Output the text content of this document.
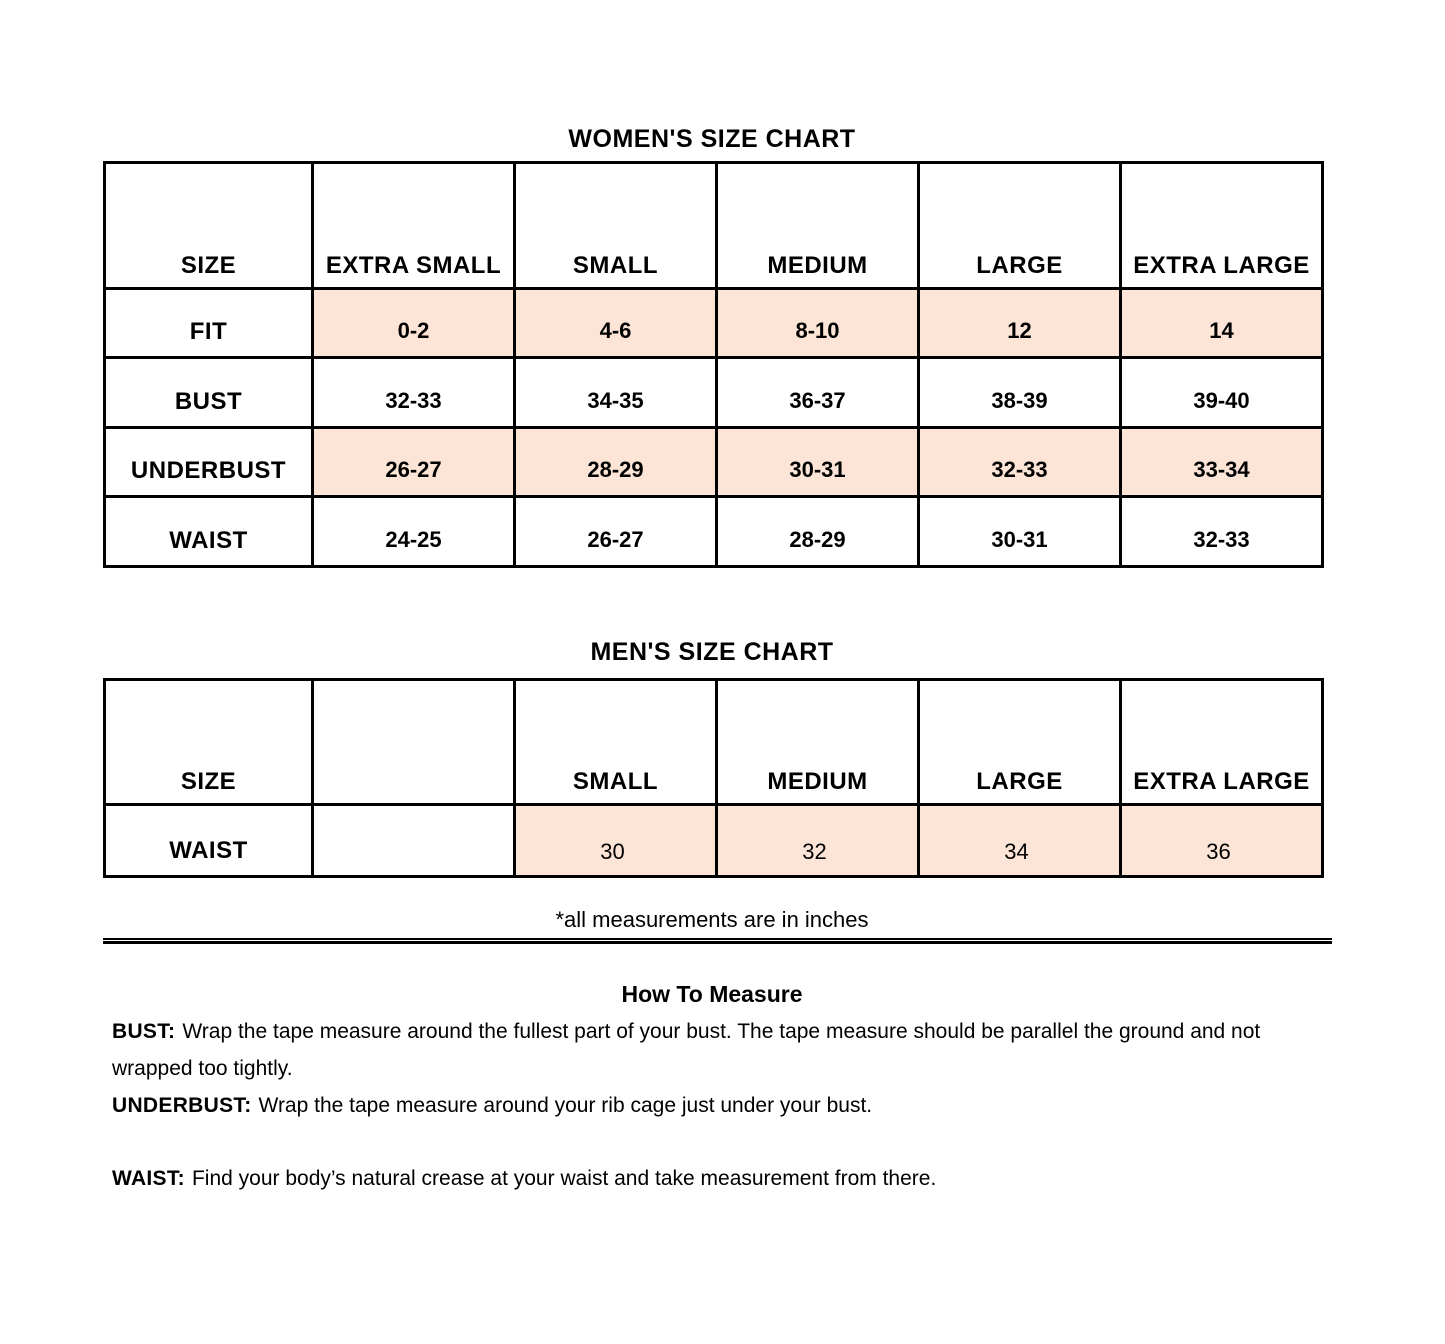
WOMEN'S SIZE CHART
SIZE	EXTRA SMALL	SMALL	MEDIUM	LARGE	EXTRA LARGE
FIT	0-2	4-6	8-10	12	14
BUST	32-33	34-35	36-37	38-39	39-40
UNDERBUST	26-27	28-29	30-31	32-33	33-34
WAIST	24-25	26-27	28-29	30-31	32-33
MEN'S SIZE CHART
SIZE		SMALL	MEDIUM	LARGE	EXTRA LARGE
WAIST		30	32	34	36
*all measurements are in inches
How To Measure

BUST: Wrap the tape measure around the fullest part of your bust. The tape measure should be parallel the ground and not wrapped too tightly.

UNDERBUST: Wrap the tape measure around your rib cage just under your bust.

WAIST: Find your body’s natural crease at your waist and take measurement from there.
